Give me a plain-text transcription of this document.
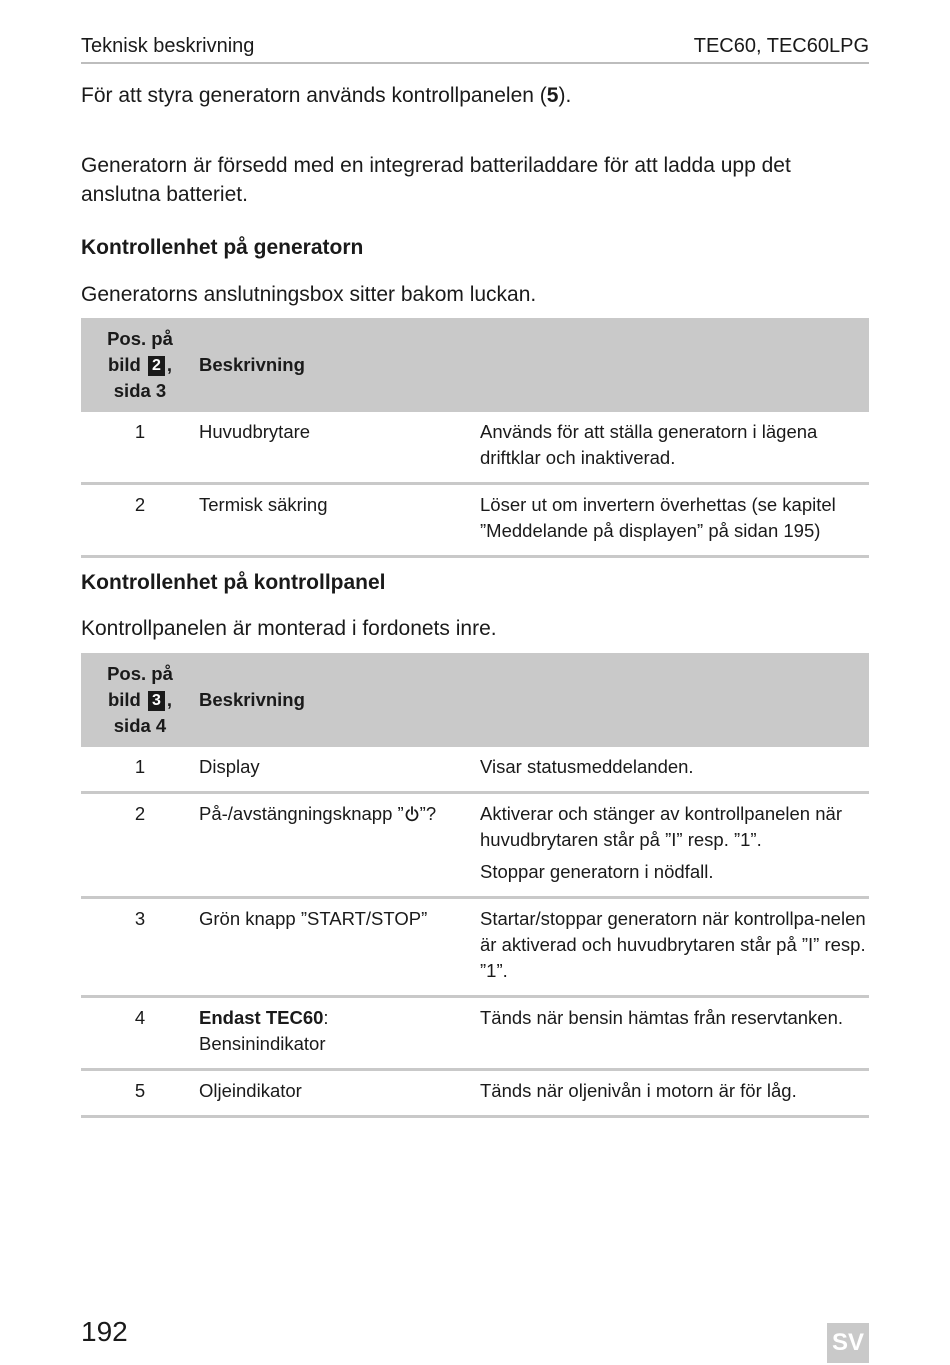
Teknisk beskrivning	TEC60, TEC60LPG

För att styra generatorn används kontrollpanelen (5).

Generatorn är försedd med en integrerad batteriladdare för att ladda upp det anslutna batteriet.

Kontrollenhet på generatorn

Generatorns anslutningsbox sitter bakom luckan.

Pos. på
bild 2 ,
sida 3	Beskrivning	
1	Huvudbrytare	Används för att ställa generatorn i lägena driftklar och inaktiverad.
2	Termisk säkring	Löser ut om invertern överhettas (se kapitel ”Meddelande på displayen” på sidan 195)
Kontrollenhet på kontrollpanel

Kontrollpanelen är monterad i fordonets inre.

Pos. på
bild 3 ,
sida 4	Beskrivning	
1	Display	Visar statusmeddelanden.
2	På-/avstängningsknapp ” ”?	Aktiverar och stänger av kontrollpanelen när huvudbrytaren står på ”I” resp. ”1”.

Stoppar generatorn i nödfall.

3	Grön knapp ”START/STOP”	Startar/stoppar generatorn när kontrollpa-nelen är aktiverad och huvudbrytaren står på ”I” resp. ”1”.
4	Endast TEC60:
Bensinindikator	Tänds när bensin hämtas från reservtanken.
5	Oljeindikator	Tänds när oljenivån i motorn är för låg.
192	SV
